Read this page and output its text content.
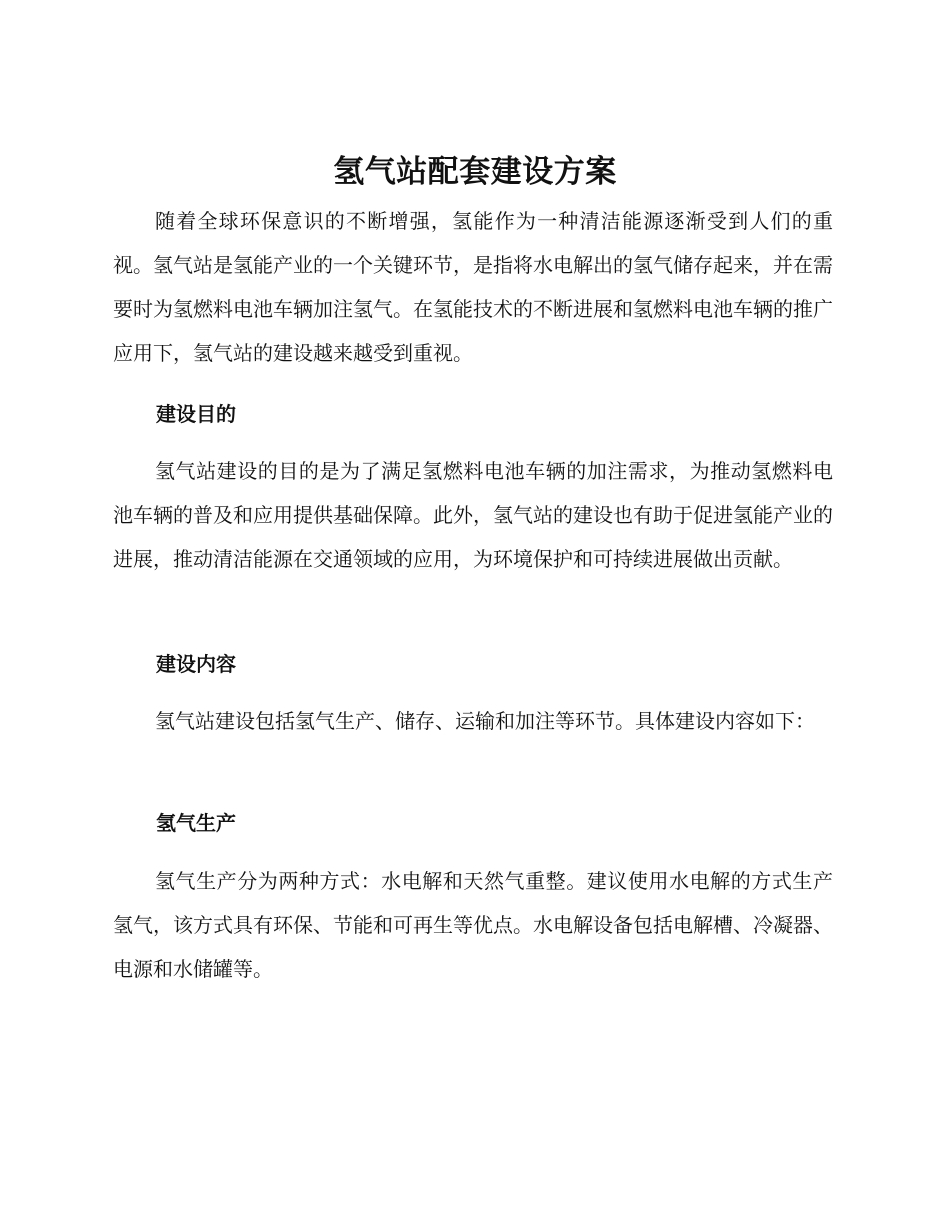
氢气站配套建设方案

随着全球环保意识的不断增强，氢能作为一种清洁能源逐渐受到人们的重视。氢气站是氢能产业的一个关键环节，是指将水电解出的氢气储存起来，并在需要时为氢燃料电池车辆加注氢气。在氢能技术的不断进展和氢燃料电池车辆的推广应用下，氢气站的建设越来越受到重视。

建设目的

氢气站建设的目的是为了满足氢燃料电池车辆的加注需求，为推动氢燃料电池车辆的普及和应用提供基础保障。此外，氢气站的建设也有助于促进氢能产业的进展，推动清洁能源在交通领域的应用，为环境保护和可持续进展做出贡献。

建设内容

氢气站建设包括氢气生产、储存、运输和加注等环节。具体建设内容如下：

氢气生产

氢气生产分为两种方式：水电解和天然气重整。建议使用水电解的方式生产氢气，该方式具有环保、节能和可再生等优点。水电解设备包括电解槽、冷凝器、电源和水储罐等。
